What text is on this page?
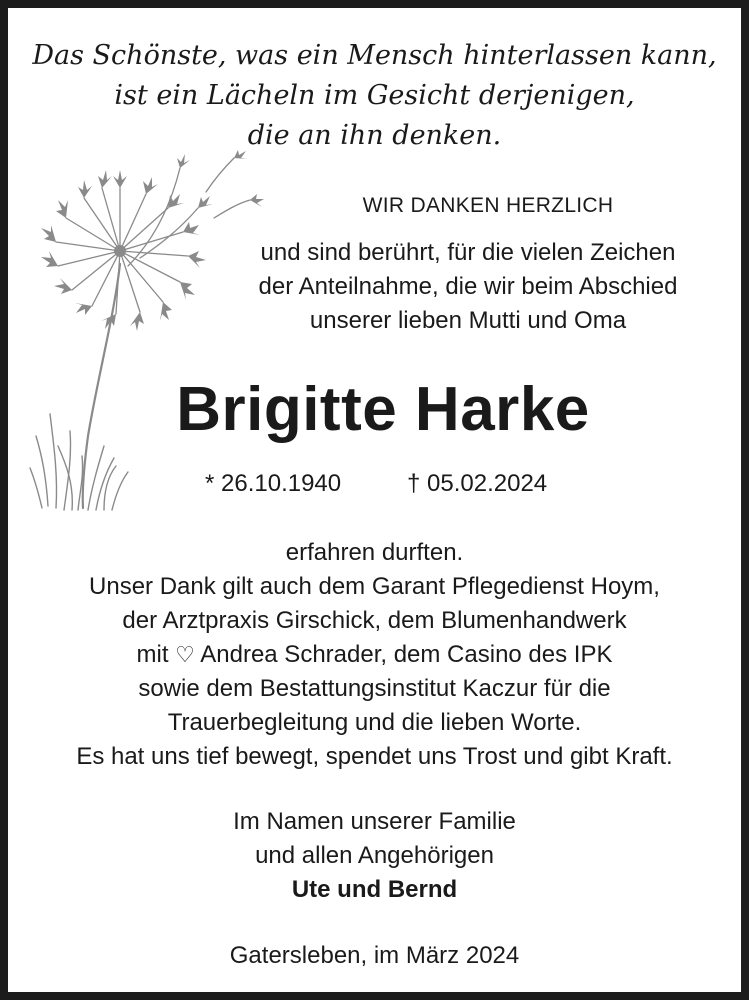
Das Schönste, was ein Mensch hinterlassen kann,
ist ein Lächeln im Gesicht derjenigen,
die an ihn denken.
WIR DANKEN HERZLICH
und sind berührt, für die vielen Zeichen
der Anteilnahme, die wir beim Abschied
unserer lieben Mutti und Oma
Brigitte Harke
* 26.10.1940	† 05.02.2024
erfahren durften.
Unser Dank gilt auch dem Garant Pflegedienst Hoym,
der Arztpraxis Girschick, dem Blumenhandwerk
mit ♡ Andrea Schrader, dem Casino des IPK
sowie dem Bestattungsinstitut Kaczur für die
Trauerbegleitung und die lieben Worte.
Es hat uns tief bewegt, spendet uns Trost und gibt Kraft.
Im Namen unserer Familie
und allen Angehörigen
Ute und Bernd
Gatersleben, im März 2024
